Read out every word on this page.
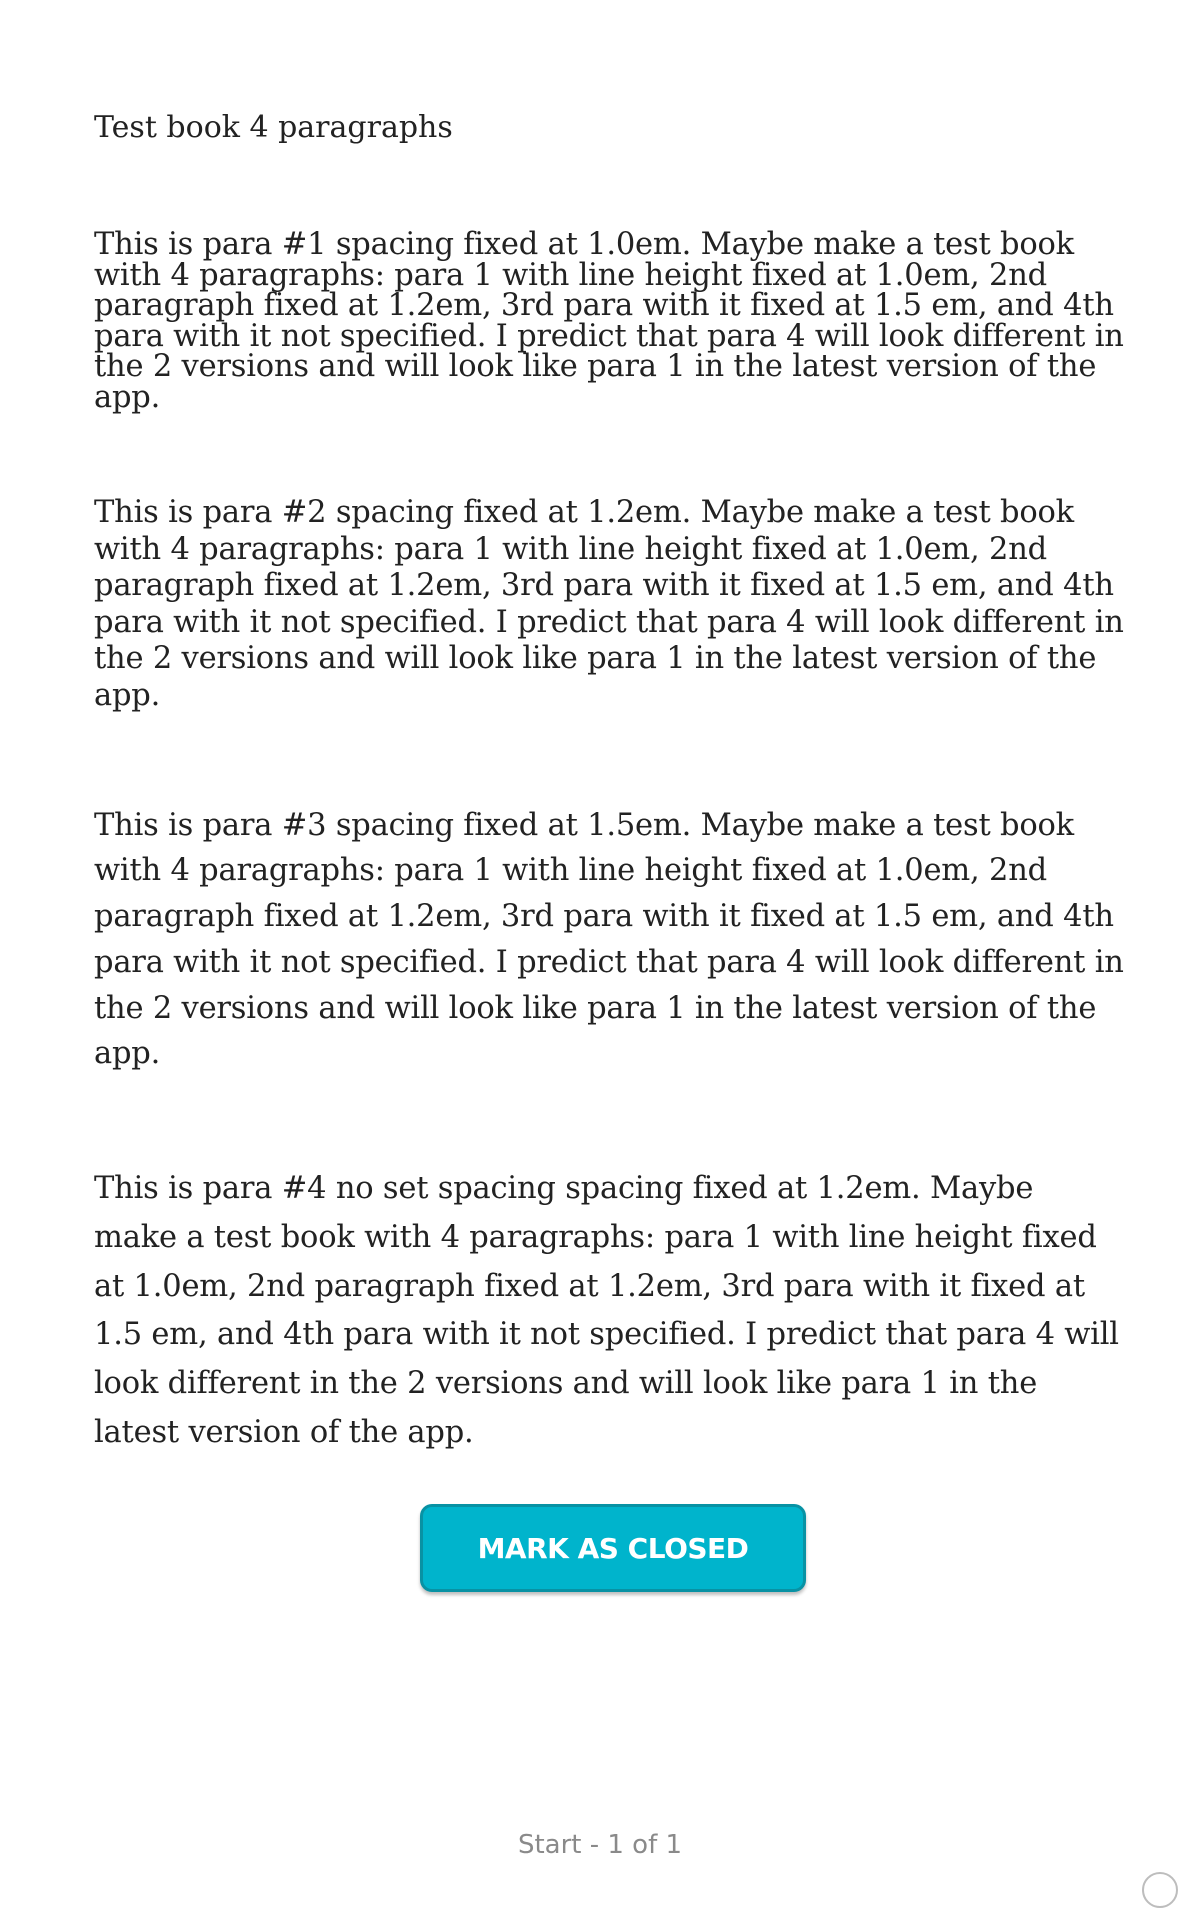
Test book 4 paragraphs

This is para #1 spacing fixed at 1.0em. Maybe make a test book with 4 paragraphs: para 1 with line height fixed at 1.0em, 2nd paragraph fixed at 1.2em, 3rd para with it fixed at 1.5 em, and 4th para with it not specified. I predict that para 4 will look different in the 2 versions and will look like para 1 in the latest version of the app.

This is para #2 spacing fixed at 1.2em. Maybe make a test book with 4 paragraphs: para 1 with line height fixed at 1.0em, 2nd paragraph fixed at 1.2em, 3rd para with it fixed at 1.5 em, and 4th para with it not specified. I predict that para 4 will look different in the 2 versions and will look like para 1 in the latest version of the app.

This is para #3 spacing fixed at 1.5em. Maybe make a test book with 4 paragraphs: para 1 with line height fixed at 1.0em, 2nd paragraph fixed at 1.2em, 3rd para with it fixed at 1.5 em, and 4th para with it not specified. I predict that para 4 will look different in the 2 versions and will look like para 1 in the latest version of the app.

This is para #4 no set spacing spacing fixed at 1.2em. Maybe make a test book with 4 paragraphs: para 1 with line height fixed at 1.0em, 2nd paragraph fixed at 1.2em, 3rd para with it fixed at 1.5 em, and 4th para with it not specified. I predict that para 4 will look different in the 2 versions and will look like para 1 in the latest version of the app.

MARK AS CLOSED
Start - 1 of 1
